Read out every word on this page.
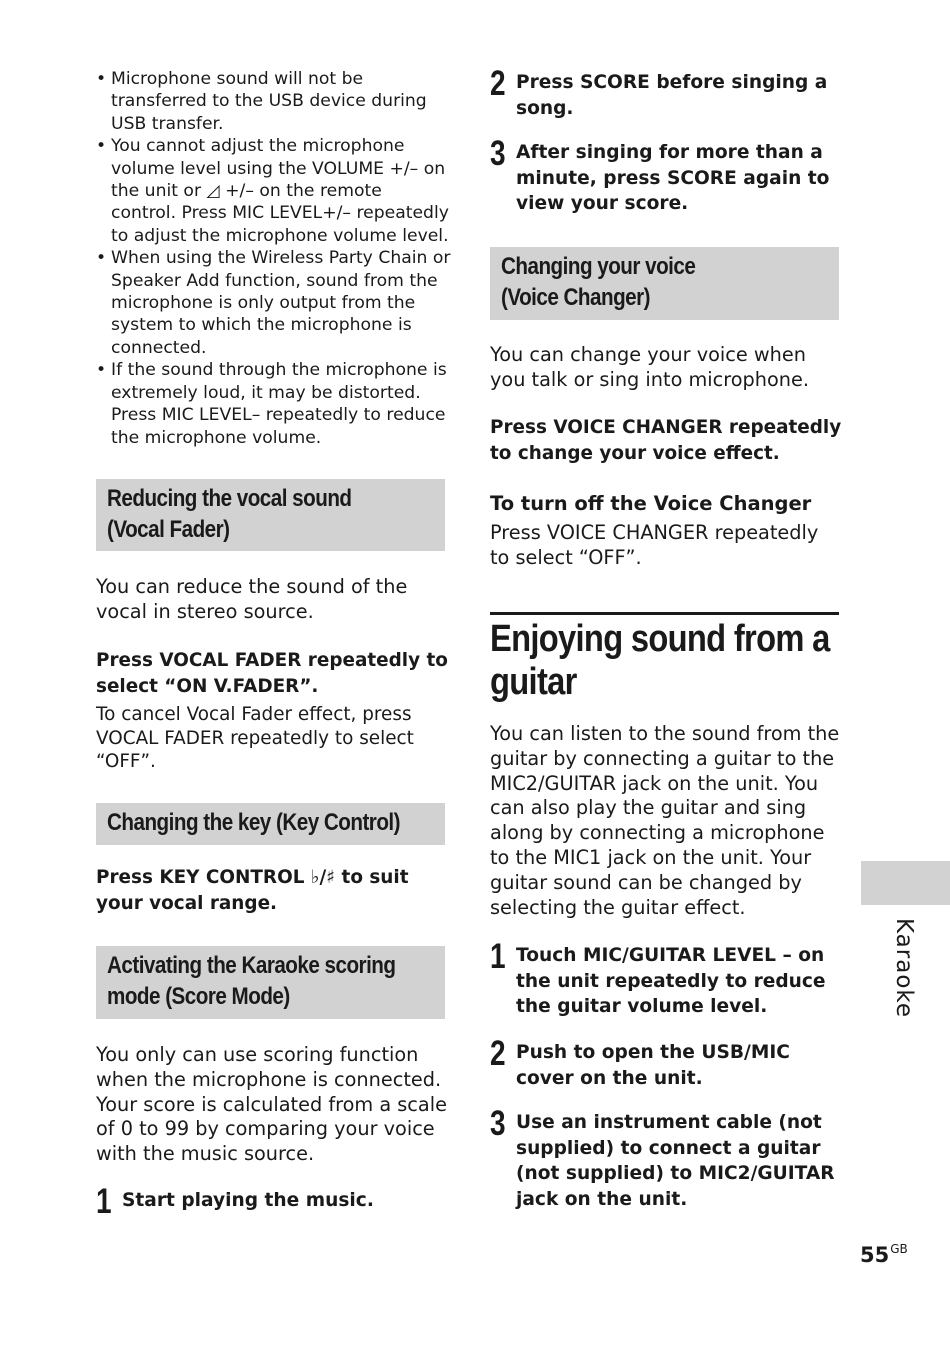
• Microphone sound will not be transferred to the USB device during USB transfer.
• You cannot adjust the microphone volume level using the VOLUME +/– on the unit or ◿ +/– on the remote control. Press MIC LEVEL+/– repeatedly to adjust the microphone volume level.
• When using the Wireless Party Chain or Speaker Add function, sound from the microphone is only output from the system to which the microphone is connected.
• If the sound through the microphone is extremely loud, it may be distorted. Press MIC LEVEL– repeatedly to reduce the microphone volume.
Reducing the vocal sound
(Vocal Fader)
You can reduce the sound of the vocal in stereo source.
Press VOCAL FADER repeatedly to select “ON V.FADER”.
To cancel Vocal Fader effect, press VOCAL FADER repeatedly to select “OFF”.
Changing the key (Key Control)
Press KEY CONTROL ♭/♯ to suit your vocal range.
Activating the Karaoke scoring
mode (Score Mode)
You only can use scoring function when the microphone is connected. Your score is calculated from a scale of 0 to 99 by comparing your voice with the music source.
1 Start playing the music.
2 Press SCORE before singing a song.
3 After singing for more than a minute, press SCORE again to view your score.
Changing your voice
(Voice Changer)
You can change your voice when you talk or sing into microphone.
Press VOICE CHANGER repeatedly to change your voice effect.
To turn off the Voice Changer
Press VOICE CHANGER repeatedly to select “OFF”.
Enjoying sound from a
guitar
You can listen to the sound from the guitar by connecting a guitar to the MIC2/GUITAR jack on the unit. You can also play the guitar and sing along by connecting a microphone to the MIC1 jack on the unit. Your guitar sound can be changed by selecting the guitar effect.
1 Touch MIC/GUITAR LEVEL – on the unit repeatedly to reduce the guitar volume level.
2 Push to open the USB/MIC cover on the unit.
3 Use an instrument cable (not supplied) to connect a guitar (not supplied) to MIC2/GUITAR jack on the unit.
Karaoke
$55^{GB}$
